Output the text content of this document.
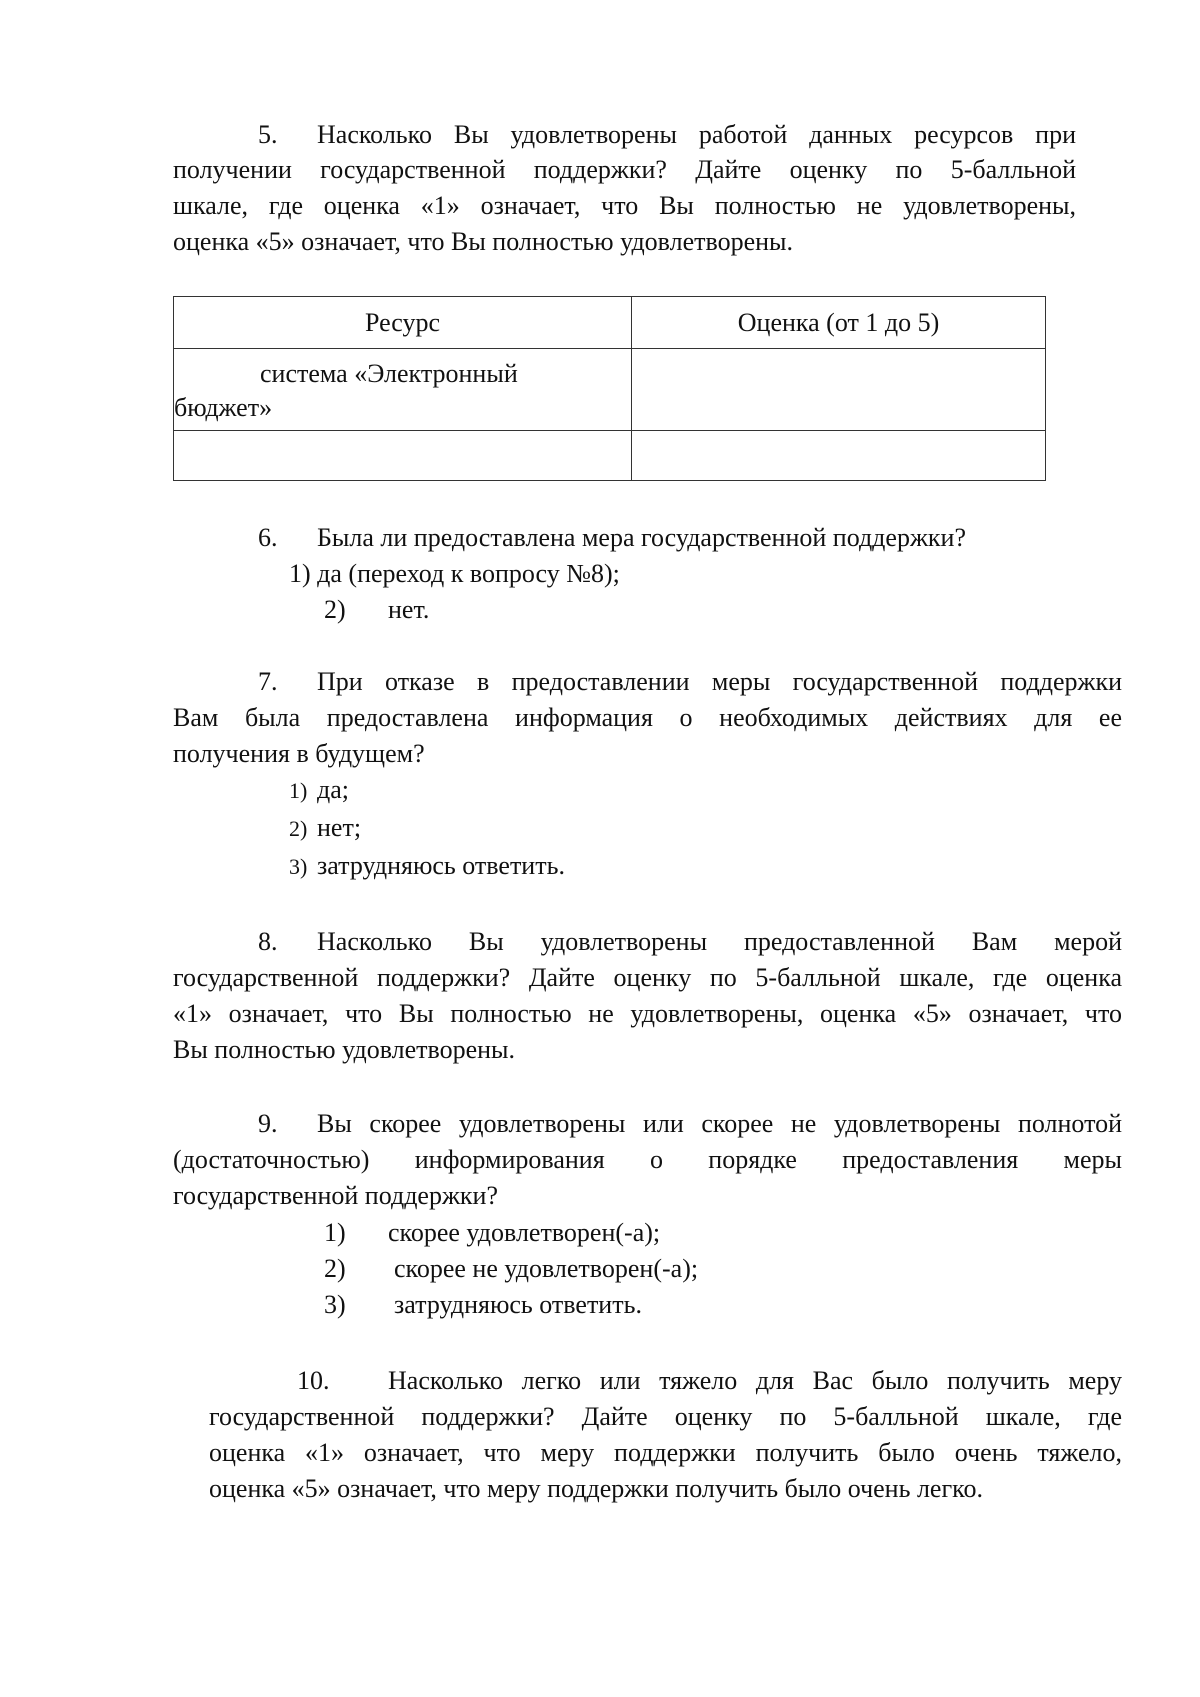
5. Насколько Вы удовлетворены работой данных ресурсов при
получении государственной поддержки? Дайте оценку по 5-балльной
шкале, где оценка «1» означает, что Вы полностью не удовлетворены,
оценка «5» означает, что Вы полностью удовлетворены.
Ресурс	Оценка (от 1 до 5)

система «Электронный
бюджет»	

6. Была ли предоставлена мера государственной поддержки?
1) да (переход к вопросу №8);
2) нет.
7. При отказе в предоставлении меры государственной поддержки
Вам была предоставлена информация о необходимых действиях для ее
получения в будущем?
1) да;
2) нет;
3) затрудняюсь ответить.
8. Насколько Вы удовлетворены предоставленной Вам мерой
государственной поддержки? Дайте оценку по 5-балльной шкале, где оценка
«1» означает, что Вы полностью не удовлетворены, оценка «5» означает, что
Вы полностью удовлетворены.
9. Вы скорее удовлетворены или скорее не удовлетворены полнотой
(достаточностью) информирования о порядке предоставления меры
государственной поддержки?
1) скорее удовлетворен(-а);
2) скорее не удовлетворен(-а);
3) затрудняюсь ответить.
10. Насколько легко или тяжело для Вас было получить меру
государственной поддержки? Дайте оценку по 5-балльной шкале, где
оценка «1» означает, что меру поддержки получить было очень тяжело,
оценка «5» означает, что меру поддержки получить было очень легко.
